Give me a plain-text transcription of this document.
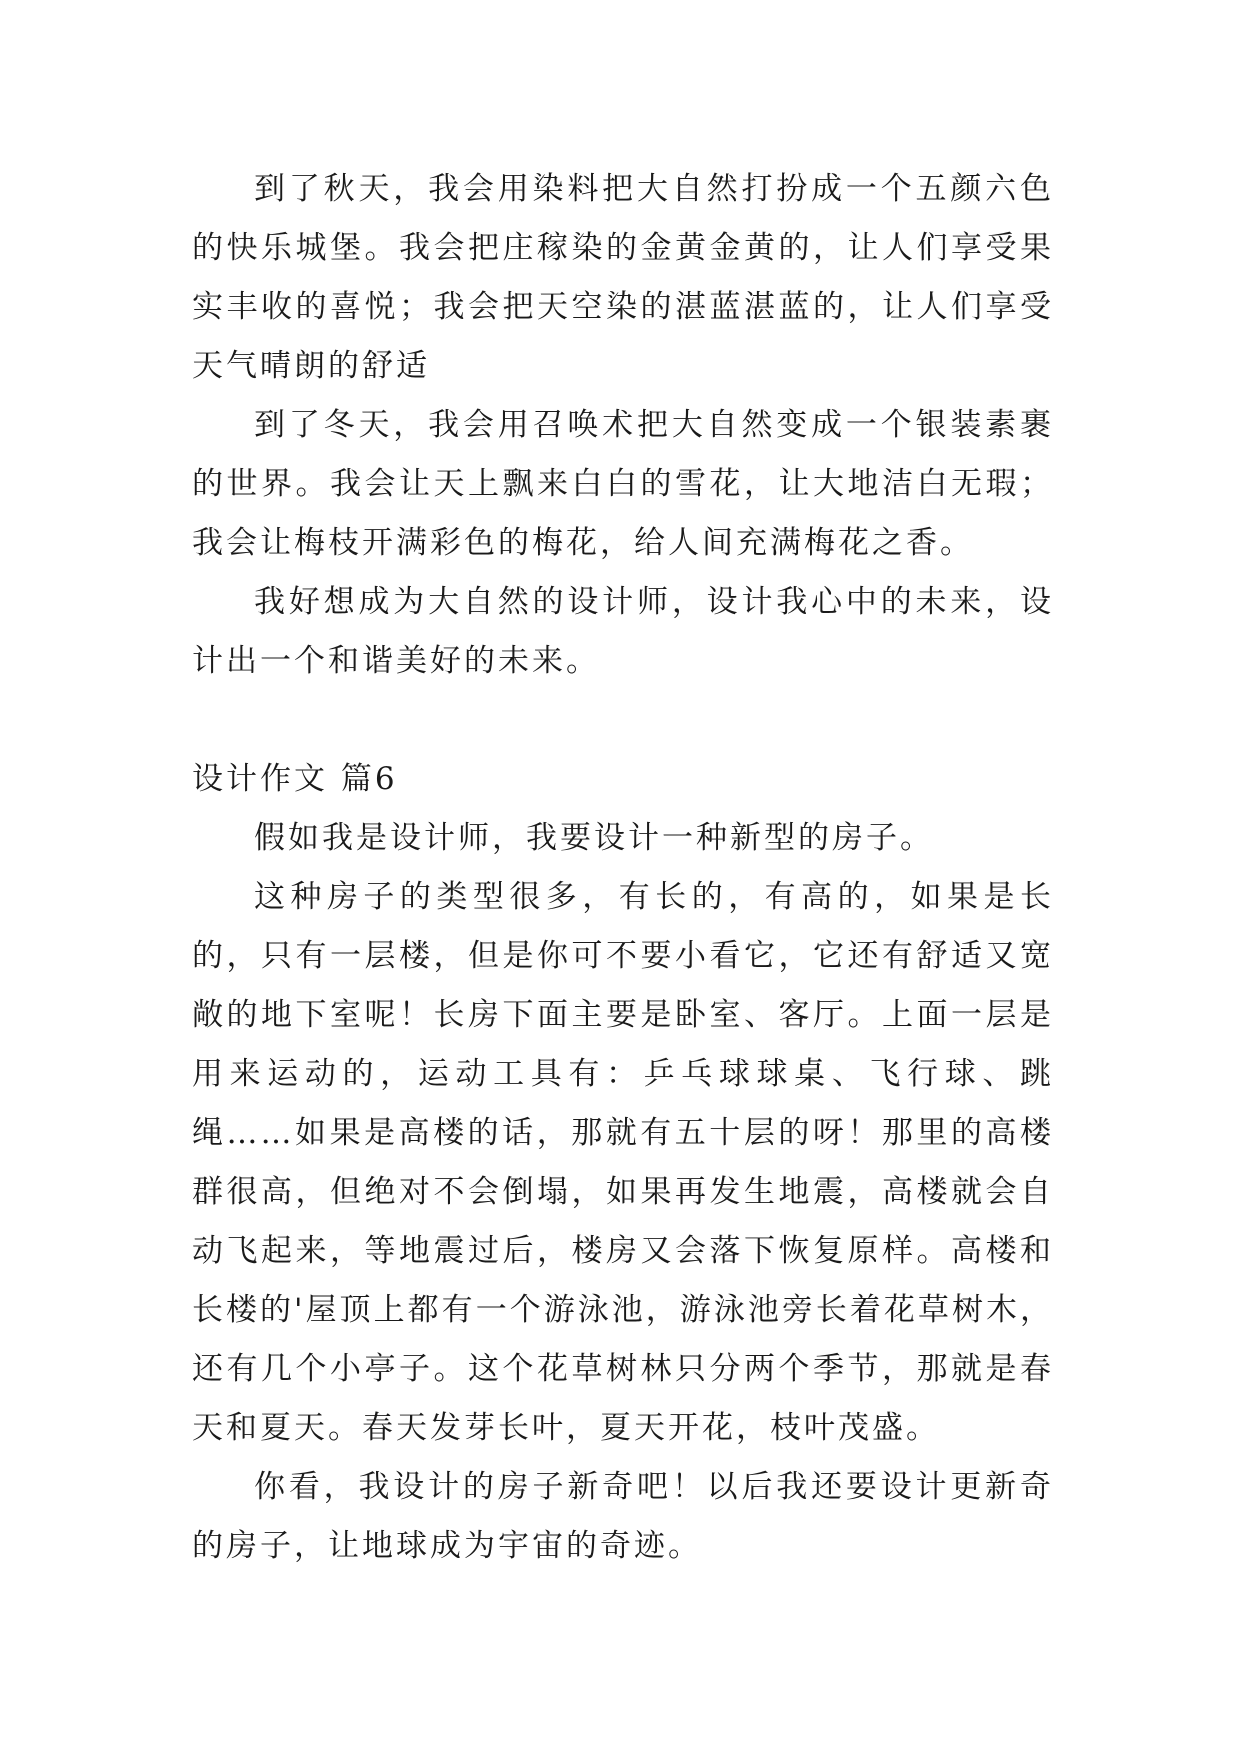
到了秋天，我会用染料把大自然打扮成一个五颜六色的快乐城堡。我会把庄稼染的金黄金黄的，让人们享受果实丰收的喜悦；我会把天空染的湛蓝湛蓝的，让人们享受天气晴朗的舒适

到了冬天，我会用召唤术把大自然变成一个银装素裹的世界。我会让天上飘来白白的雪花，让大地洁白无瑕；我会让梅枝开满彩色的梅花，给人间充满梅花之香。

我好想成为大自然的设计师，设计我心中的未来，设计出一个和谐美好的未来。

设计作文 篇6

假如我是设计师，我要设计一种新型的房子。

这种房子的类型很多，有长的，有高的，如果是长的，只有一层楼，但是你可不要小看它，它还有舒适又宽敞的地下室呢！长房下面主要是卧室、客厅。上面一层是用来运动的，运动工具有：乒乓球球桌、飞行球、跳绳……如果是高楼的话，那就有五十层的呀！那里的高楼群很高，但绝对不会倒塌，如果再发生地震，高楼就会自动飞起来，等地震过后，楼房又会落下恢复原样。高楼和长楼的'屋顶上都有一个游泳池，游泳池旁长着花草树木，还有几个小亭子。这个花草树林只分两个季节，那就是春天和夏天。春天发芽长叶，夏天开花，枝叶茂盛。

你看，我设计的房子新奇吧！以后我还要设计更新奇的房子，让地球成为宇宙的奇迹。
